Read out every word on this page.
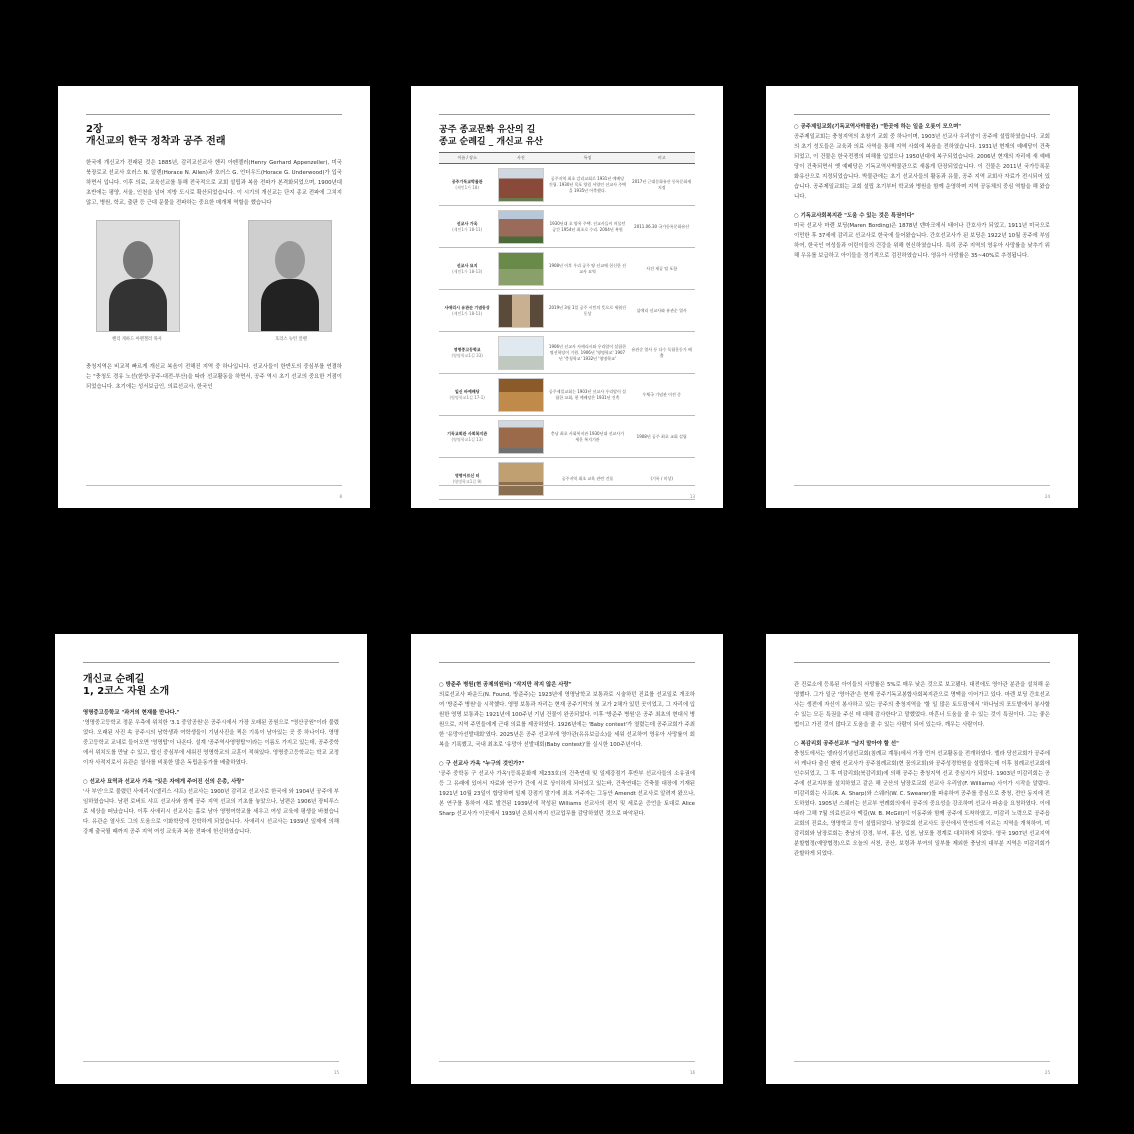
2장
개신교의 한국 정착과 공주 전래

한국에 개신교가 전래된 것은 1885년, 감리교선교사 헨리 아펜젤러(Henry Gerhard Appenzeller), 미국 북장로교 선교사 호러스 N. 알렌(Horace N. Allen)과 호러스 G. 언더우드(Horace G. Underwood)가 입국하면서 입니다. 이후 의료, 교육선교를 통해 전국적으로 교회 설립과 복음 전파가 본격화되었으며, 1900년대 초반에는 평양, 서울, 인천을 넘어 지방 도시로 확산되었습니다. 이 시기의 개신교는 단지 종교 전파에 그치지 않고, 병원, 학교, 출판 등 근대 문물을 전파하는 중요한 매개체 역할을 했습니다

헨리 게하드 아펜젤러 목사	호러스 뉴턴 알렌

충청지역은 비교적 빠르게 개신교 복음이 전해진 지역 중 하나입니다. 선교사들이 한반도의 중심부를 연결하는 "충청도 경유 노선(한양-공주-대전-부산)을 따라 선교활동을 하면서, 공주 역시 초기 선교의 중요한 거점이 되었습니다. 초기에는 성서보급인, 의료선교사, 한국인

8

공주 종교문화 유산의 길

종교 순례길 _ 개신교 유산

이름 / 장소	사진	특징	비고

공주기독교박물관
(제민1가 18)		공주지역 최초 감리교회로 1931년 예배당 건립. 1930년 목포 양림 서양인 선교사 주택을 1935년 이축했다.	2017년 근대문화유산 등록문화재 지정

선교사 가옥
(제민1가 18-11)		1930년대 초 양옥 주택. 선교사들이 머물던 공간 1954년 최초로 수리. 2004년 복원	2011.06.30 국가등록문화유산

선교사 묘지
(제민1가 18-13)		1908년 이후 우리 공주 땅 선교에 헌신한 선교사 묘역	사진 제공 팀 포함

사애리시 유관순 기념동상
(제민1가 18-11)		2019년 3월 1일 공주 시민의 뜻으로 세워진 동상	삼애리 선교사와 유관순 열사

영명중고등학교
(영명학교1길 33)		1906년 선교사 사애리시와 우리암이 설립한 명선학당이 기원. 1906년 '영명학교' 1907년 '충청학교' 1932년 '영명학교'	유관순 열사 등 다수 독립운동가 배출

일신 바예배당
(영명학교1길 17-1)		공주제일교회는 1903년 선교사 우리암이 설립한 교회, 현 예배당은 1931년 건축	우체국 기념관 이전 중

기독교회관 사회복지관
(영명학교1길 13)		충남 최초 사회복지관 1930년대 선교사가 세운 복지기관	1908년 공주 최초 교회 설립

영명어르신 터
(영명학교1길 9)		공주지역 최초 교육 관련 건물	(기록 / 미상)
13

○ 공주제일교회(기독교역사박물관) "한곳에 하는 일을 오롯이 모으며"

공주제일교회는 충청지역의 초창기 교회 중 하나이며, 1903년 선교사 우리암이 공주에 설립하였습니다. 교회의 초기 성도들은 교육과 의료 사역을 통해 지역 사회에 복음을 전하였습니다. 1931년 현재의 예배당이 건축되었고, 이 건물은 한국전쟁의 피해를 입었으나 1950년대에 복구되었습니다. 2006년 현재의 자리에 새 예배당이 건축되면서 옛 예배당은 기독교역사박물관으로 새롭게 단장되었습니다. 이 건물은 2011년 국가등록문화유산으로 지정되었습니다. 박물관에는 초기 선교사들의 활동과 유물, 공주 지역 교회사 자료가 전시되어 있습니다. 공주제일교회는 교회 설립 초기부터 학교와 병원을 함께 운영하며 지역 공동체의 중심 역할을 해 왔습니다.

○ 기독교사회복지관 "도움 수 있는 것은 특권이다"

미국 선교사 마렌 보딩(Maren Bording)은 1878년 덴마크에서 태어나 간호사가 되었고, 1911년 미국으로 이민한 후 37세에 감리교 선교사로 한국에 들어왔습니다. 간호선교사가 된 보딩은 1922년 10월 공주에 부임하여, 한국인 여성들과 어린이들의 건강을 위해 헌신하였습니다. 특히 공주 지역의 영유아 사망률을 낮추기 위해 우유를 보급하고 아이들을 정기적으로 검진하였습니다. 영유아 사망률은 35~40%로 추정됩니다.

24
개신교 순례길
1, 2코스 자원 소개

영명중고등학교 "과거의 현재를 만나다."

'영명중고등학교 정문 우측에 위치한 '3.1 중앙공원'은 공주시에서 가장 오래된 공원으로 "영산공원"이라 불렸었다. 오래된 사진 속 공주시의 남학생과 여학생들이 기념사진을 찍은 기록이 남아있는 곳 중 하나이다. 영명중고등학교 교내로 들어오면 '영명탑'이 나온다. 설계 '공주역사영명탑'이라는 이름도 가지고 있는데, 공주중학에서 위치도를 만날 수 있고, 탑신 중심부에 세워진 영명학교의 교훈이 적혀있다. 영명중고등학교는 학교 교정이자 사적지로서 유관순 열사를 비롯한 많은 독립운동가를 배출하였다.

○ 선교사 묘역과 선교사 가옥 "잊은 자에게 주어진 신의 은총, 사랑"

'사 부인'으로 불렸던 사애리시(엘리스 샤프) 선교사는 1900년 감리교 선교사로 한국에 와 1904년 공주에 부임하였습니다. 남편 로버트 샤프 선교사와 함께 공주 지역 선교의 기초를 놓았으나, 남편은 1906년 장티푸스로 세상을 떠났습니다. 이후 사애리시 선교사는 홀로 남아 영명여학교를 세우고 여성 교육에 평생을 바쳤습니다. 유관순 열사도 그의 도움으로 이화학당에 진학하게 되었습니다. 사애리시 선교사는 1939년 일제에 의해 강제 출국될 때까지 공주 지역 여성 교육과 복음 전파에 헌신하였습니다.

15

○ 방준주 병원(현 공제의원터) "작지만 작지 않은 사랑"

의료선교사 파운드(N. Found, 방준주)는 1923년에 영명남학교 보통과로 시술하던 진료를 선교일로 개조하여 '방준주 병원'을 시작했다. 영명 보통과 자리는 현재 공주기막의 첫 교가 2채가 있던 곳이었고, 그 자리에 입원한 영명 보통과는 1921년에 100주년 기념 건물이 완공되었다. 이후 '방준주 병원'은 공주 최초의 현대식 병원으로, 지역 주민들에게 근대 의료를 제공하였다. 1926년에는 'Baby contest'가 열렸는데 공주교회가 주최한 '유망아선발대회'였다. 2025년은 공주 선교부에 영아관(유유보급소)을 세워 선교하여 영유아 사망률이 회복을 기록했고, 국내 최초로 '유망아 선발대회(Baby contest)'를 실시한 100주년이다.

○ 구 선교사 가옥 "누구의 것인가?"

'공주 중학동 구 선교사 가옥'(등록문화재 제233호)의 건축연대 및 일제강점기 후반부 선교사들의 소유권에 등 그 유래에 있어서 자료와 연구가 간에 서로 상이하게 되어있고 있는바, 건축연대는 건축물 대장에 기재된 1921년 10월 23일이 합당하며 일제 강점기 말기에 최초 거주자는 그동안 Amendt 선교사로 알려져 왔으나, 본 연구를 통하여 새로 발견된 1939년에 작성된 Williams 선교사의 편지 및 세로운 증언을 토대로 Alice Sharp 선교사가 이곳에서 1939년 은퇴시까지 선교업무를 감당하였던 것으로 파악된다.

16

관 진료소에 등록된 아이들의 사망률은 5%로 매우 낮은 것으로 보고됐다. 대전에도 영아관 분관을 설치해 운영했다. 그가 일군 '영아관'은 현재 공주기독교봉합사회복지관으로 명맥을 이어가고 있다. 마렌 보딩 간호선교사는 생전에 자신이 봉사하고 있는 공주의 충청지역을 '할 일 많은 토도림'에서 '하나님의 포도밭에서 봉사할 수 있는 모든 특권을 주신 데 대해 감사한다'고 말했었다. 마흔너 도움을 줄 수 있는 것이 특권이다. 그는 좋은 법이고 가진 것이 많다고 도움을 줄 수 있는 사람이 되어 있는다. 깨우는 사람이다.

○ 복감리회 공주선교부 "남지 말아야 할 선"

충청도에서는 엘라싱기념선교회(침례교 계통)에서 가장 먼저 선교활동을 전개하였다. 엘라 당선교회가 공주에서 케나다 출신 펜윅 선교사가 공주침례교회(현 꿈의교회)와 공주성경학원을 설립하는데 이후 침례교선교회에 인수되었고, 그 후 미감리회(북감리회)에 의해 공주는 충청지역 선교 중심지가 되었다. 1903년 미감리회는 공주에 선교지부를 설치하였고 같은 해 군산의 남장로교회 선교사 우리암(F. Williams) 사이가 시작을 알렸다. 미감리회는 사프(R. A. Sharp)와 스웨러(W. C. Swearer)를 파송하여 공주를 중심으로 충청, 전안 동지에 전도하였다. 1905년 스웨러는 선교부 연례회의에서 공주의 중요성을 강조하며 선교사 파송을 요청하였다. 이에 따라 그해 7월 의료선교사 맥길(W. B. McGill)이 이동주와 함께 공주에 도착하였고, 미감리 노력으로 공주읍교회의 진료소, 영명학교 등이 설립되었다. 남장로회 선교사도 공산에서 만연도에 이르는 지역을 개척하여, 미감리회와 남장로회는 충남의 강경, 부여, 홍산, 입천, 남포를 경계로 대치하게 되었다. 영국 1907년 선교지역 분할협정(예양협정)으로 오늘의 서천, 공산, 보령과 부여의 일부를 제외한 충남의 대부분 지역은 미감리회가 관할하게 되었다.

25
